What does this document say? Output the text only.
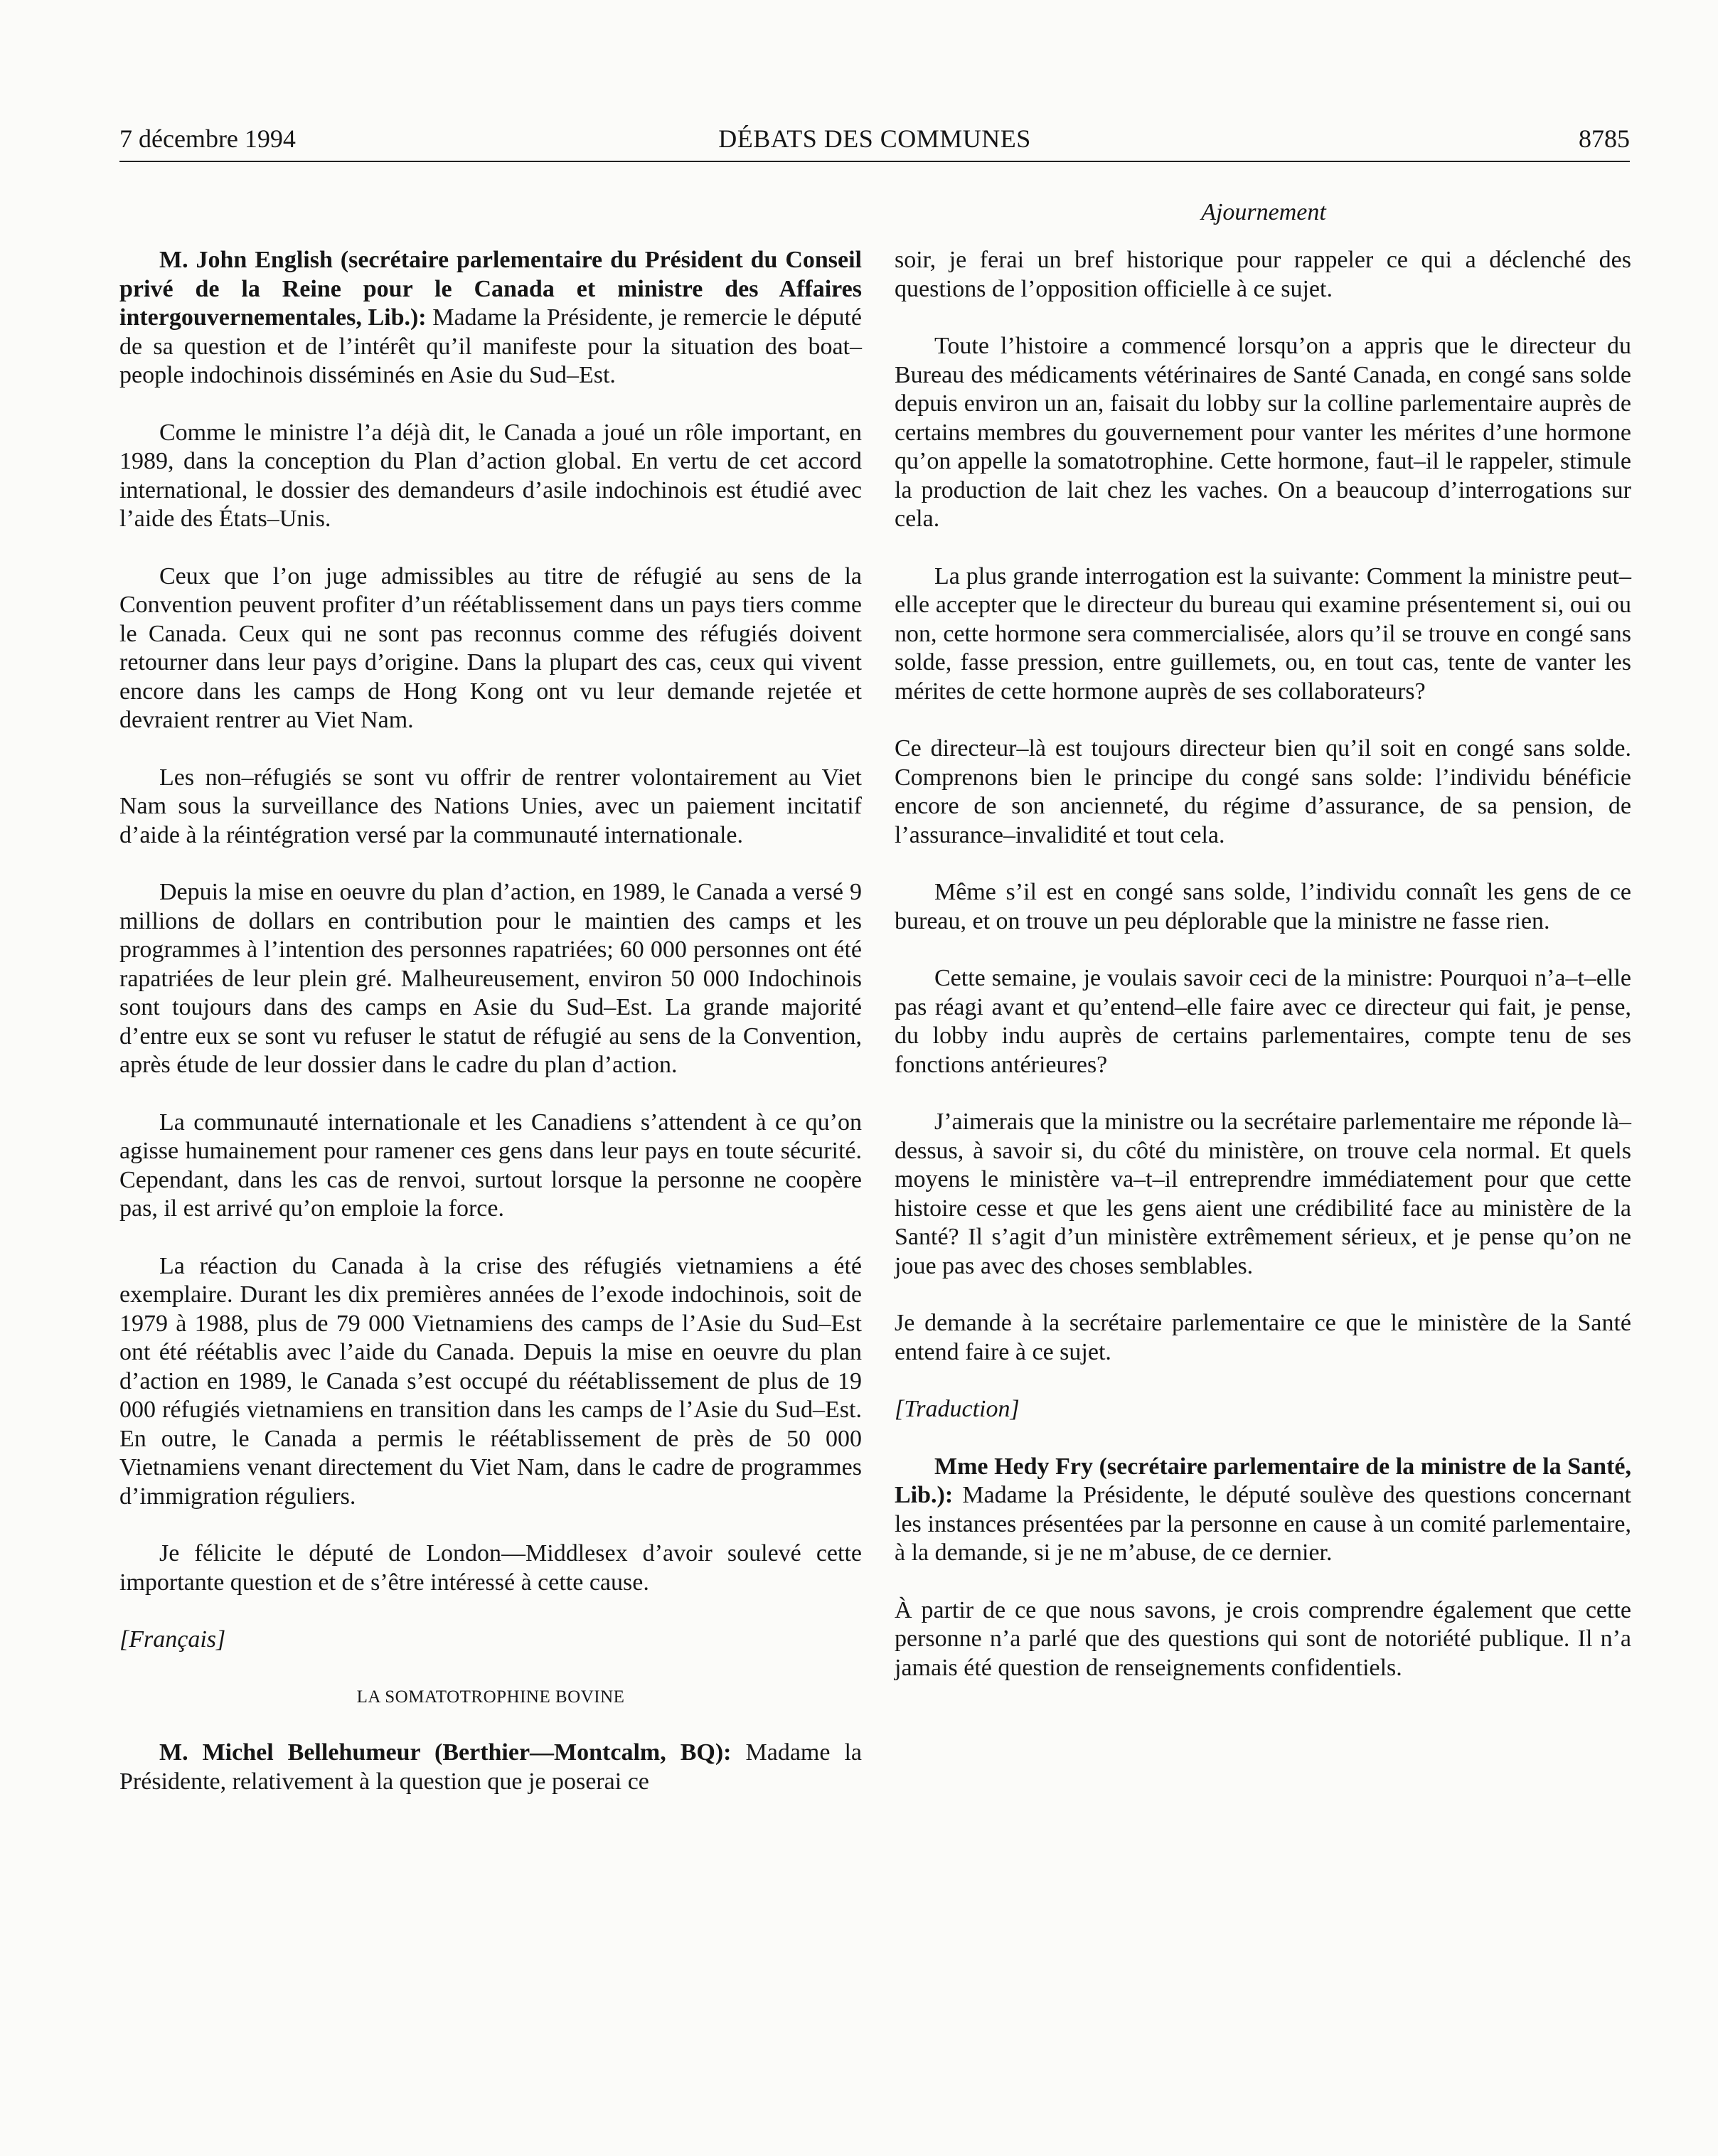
7 décembre 1994	DÉBATS DES COMMUNES	8785
Ajournement

M. John English (secrétaire parlementaire du Président du Conseil privé de la Reine pour le Canada et ministre des Affaires intergouvernementales, Lib.): Madame la Présidente, je remercie le député de sa question et de l’intérêt qu’il manifeste pour la situation des boat–people indochinois disséminés en Asie du Sud–Est.

Comme le ministre l’a déjà dit, le Canada a joué un rôle important, en 1989, dans la conception du Plan d’action global. En vertu de cet accord international, le dossier des demandeurs d’asile indochinois est étudié avec l’aide des États–Unis.

Ceux que l’on juge admissibles au titre de réfugié au sens de la Convention peuvent profiter d’un réétablissement dans un pays tiers comme le Canada. Ceux qui ne sont pas reconnus comme des réfugiés doivent retourner dans leur pays d’origine. Dans la plupart des cas, ceux qui vivent encore dans les camps de Hong Kong ont vu leur demande rejetée et devraient rentrer au Viet Nam.

Les non–réfugiés se sont vu offrir de rentrer volontairement au Viet Nam sous la surveillance des Nations Unies, avec un paiement incitatif d’aide à la réintégration versé par la communauté internationale.

Depuis la mise en oeuvre du plan d’action, en 1989, le Canada a versé 9 millions de dollars en contribution pour le maintien des camps et les programmes à l’intention des personnes rapatriées; 60 000 personnes ont été rapatriées de leur plein gré. Malheureusement, environ 50 000 Indochinois sont toujours dans des camps en Asie du Sud–Est. La grande majorité d’entre eux se sont vu refuser le statut de réfugié au sens de la Convention, après étude de leur dossier dans le cadre du plan d’action.

La communauté internationale et les Canadiens s’attendent à ce qu’on agisse humainement pour ramener ces gens dans leur pays en toute sécurité. Cependant, dans les cas de renvoi, surtout lorsque la personne ne coopère pas, il est arrivé qu’on emploie la force.

La réaction du Canada à la crise des réfugiés vietnamiens a été exemplaire. Durant les dix premières années de l’exode indochinois, soit de 1979 à 1988, plus de 79 000 Vietnamiens des camps de l’Asie du Sud–Est ont été réétablis avec l’aide du Canada. Depuis la mise en oeuvre du plan d’action en 1989, le Canada s’est occupé du réétablissement de plus de 19 000 réfugiés vietnamiens en transition dans les camps de l’Asie du Sud–Est. En outre, le Canada a permis le réétablissement de près de 50 000 Vietnamiens venant directement du Viet Nam, dans le cadre de programmes d’immigration réguliers.

Je félicite le député de London—Middlesex d’avoir soulevé cette importante question et de s’être intéressé à cette cause.

[Français]

LA SOMATOTROPHINE BOVINE

M. Michel Bellehumeur (Berthier—Montcalm, BQ): Madame la Présidente, relativement à la question que je poserai ce

soir, je ferai un bref historique pour rappeler ce qui a déclenché des questions de l’opposition officielle à ce sujet.

Toute l’histoire a commencé lorsqu’on a appris que le directeur du Bureau des médicaments vétérinaires de Santé Canada, en congé sans solde depuis environ un an, faisait du lobby sur la colline parlementaire auprès de certains membres du gouvernement pour vanter les mérites d’une hormone qu’on appelle la somatotrophine. Cette hormone, faut–il le rappeler, stimule la production de lait chez les vaches. On a beaucoup d’interrogations sur cela.

La plus grande interrogation est la suivante: Comment la ministre peut–elle accepter que le directeur du bureau qui examine présentement si, oui ou non, cette hormone sera commercialisée, alors qu’il se trouve en congé sans solde, fasse pression, entre guillemets, ou, en tout cas, tente de vanter les mérites de cette hormone auprès de ses collaborateurs?

Ce directeur–là est toujours directeur bien qu’il soit en congé sans solde. Comprenons bien le principe du congé sans solde: l’individu bénéficie encore de son ancienneté, du régime d’assurance, de sa pension, de l’assurance–invalidité et tout cela.

Même s’il est en congé sans solde, l’individu connaît les gens de ce bureau, et on trouve un peu déplorable que la ministre ne fasse rien.

Cette semaine, je voulais savoir ceci de la ministre: Pourquoi n’a–t–elle pas réagi avant et qu’entend–elle faire avec ce directeur qui fait, je pense, du lobby indu auprès de certains parlementaires, compte tenu de ses fonctions antérieures?

J’aimerais que la ministre ou la secrétaire parlementaire me réponde là–dessus, à savoir si, du côté du ministère, on trouve cela normal. Et quels moyens le ministère va–t–il entreprendre immédiatement pour que cette histoire cesse et que les gens aient une crédibilité face au ministère de la Santé? Il s’agit d’un ministère extrêmement sérieux, et je pense qu’on ne joue pas avec des choses semblables.

Je demande à la secrétaire parlementaire ce que le ministère de la Santé entend faire à ce sujet.

[Traduction]

Mme Hedy Fry (secrétaire parlementaire de la ministre de la Santé, Lib.): Madame la Présidente, le député soulève des questions concernant les instances présentées par la personne en cause à un comité parlementaire, à la demande, si je ne m’abuse, de ce dernier.

À partir de ce que nous savons, je crois comprendre également que cette personne n’a parlé que des questions qui sont de notoriété publique. Il n’a jamais été question de renseignements confidentiels.
